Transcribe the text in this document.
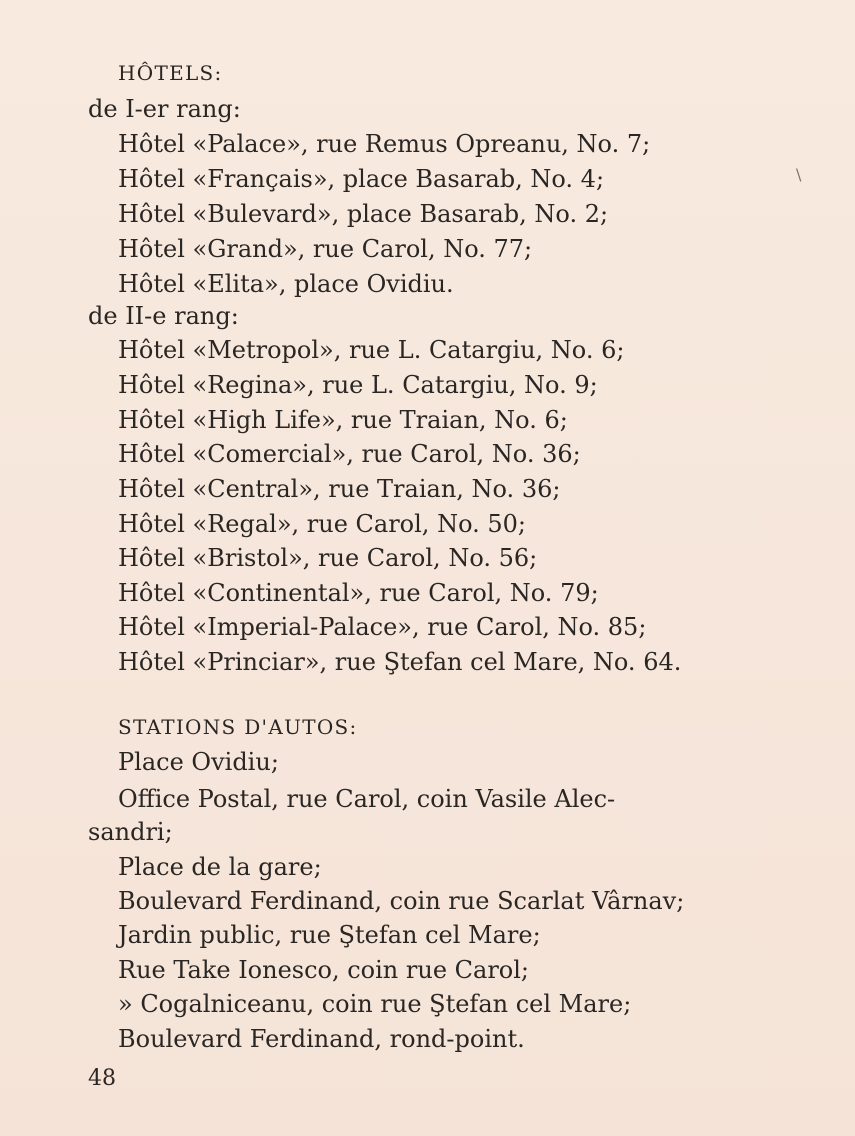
HÔTELS:
de I-er rang:
Hôtel «Palace», rue Remus Opreanu, No. 7;
Hôtel «Français», place Basarab, No. 4;
Hôtel «Bulevard», place Basarab, No. 2;
Hôtel «Grand», rue Carol, No. 77;
Hôtel «Elita», place Ovidiu.
de II-e rang:
Hôtel «Metropol», rue L. Catargiu, No. 6;
Hôtel «Regina», rue L. Catargiu, No. 9;
Hôtel «High Life», rue Traian, No. 6;
Hôtel «Comercial», rue Carol, No. 36;
Hôtel «Central», rue Traian, No. 36;
Hôtel «Regal», rue Carol, No. 50;
Hôtel «Bristol», rue Carol, No. 56;
Hôtel «Continental», rue Carol, No. 79;
Hôtel «Imperial-Palace», rue Carol, No. 85;
Hôtel «Princiar», rue Ştefan cel Mare, No. 64.
STATIONS D'AUTOS:
Place Ovidiu;
Office Postal, rue Carol, coin Vasile Alec-
sandri;
Place de la gare;
Boulevard Ferdinand, coin rue Scarlat Vârnav;
Jardin public, rue Ştefan cel Mare;
Rue Take Ionesco, coin rue Carol;
» Cogalniceanu, coin rue Ştefan cel Mare;
Boulevard Ferdinand, rond-point.
48
\
